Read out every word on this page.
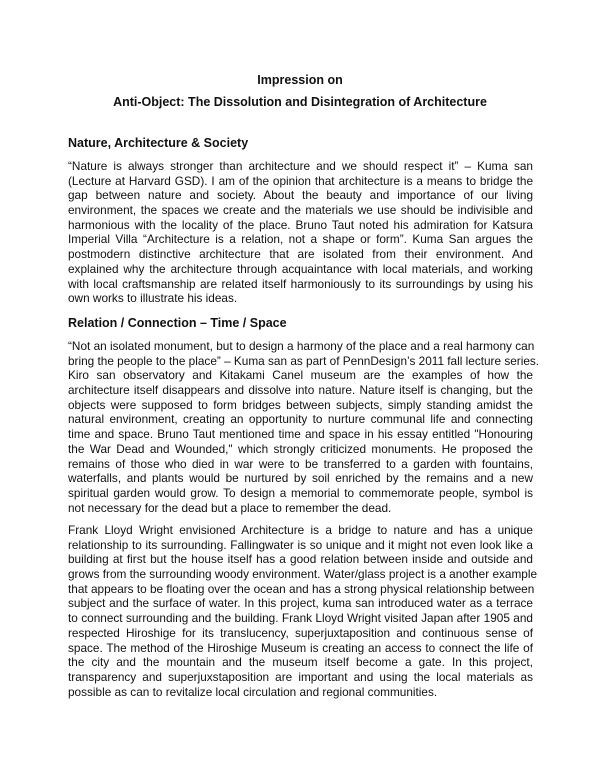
Impression on
Anti-Object: The Dissolution and Disintegration of Architecture
Nature, Architecture & Society
“Nature is always stronger than architecture and we should respect it” – Kuma san
(Lecture at Harvard GSD). I am of the opinion that architecture is a means to bridge the
gap between nature and society. About the beauty and importance of our living
environment, the spaces we create and the materials we use should be indivisible and
harmonious with the locality of the place. Bruno Taut noted his admiration for Katsura
Imperial Villa “Architecture is a relation, not a shape or form”. Kuma San argues the
postmodern distinctive architecture that are isolated from their environment. And
explained why the architecture through acquaintance with local materials, and working
with local craftsmanship are related itself harmoniously to its surroundings by using his
own works to illustrate his ideas.
Relation / Connection – Time / Space
“Not an isolated monument, but to design a harmony of the place and a real harmony can
bring the people to the place” – Kuma san as part of PennDesign’s 2011 fall lecture series.
Kiro san observatory and Kitakami Canel museum are the examples of how the
architecture itself disappears and dissolve into nature. Nature itself is changing, but the
objects were supposed to form bridges between subjects, simply standing amidst the
natural environment, creating an opportunity to nurture communal life and connecting
time and space. Bruno Taut mentioned time and space in his essay entitled "Honouring
the War Dead and Wounded," which strongly criticized monuments. He proposed the
remains of those who died in war were to be transferred to a garden with fountains,
waterfalls, and plants would be nurtured by soil enriched by the remains and a new
spiritual garden would grow. To design a memorial to commemorate people, symbol is
not necessary for the dead but a place to remember the dead.
Frank Lloyd Wright envisioned Architecture is a bridge to nature and has a unique
relationship to its surrounding. Fallingwater is so unique and it might not even look like a
building at first but the house itself has a good relation between inside and outside and
grows from the surrounding woody environment. Water/glass project is a another example
that appears to be floating over the ocean and has a strong physical relationship between
subject and the surface of water. In this project, kuma san introduced water as a terrace
to connect surrounding and the building. Frank Lloyd Wright visited Japan after 1905 and
respected Hiroshige for its translucency, superjuxtaposition and continuous sense of
space. The method of the Hiroshige Museum is creating an access to connect the life of
the city and the mountain and the museum itself become a gate. In this project,
transparency and superjuxstaposition are important and using the local materials as
possible as can to revitalize local circulation and regional communities.
